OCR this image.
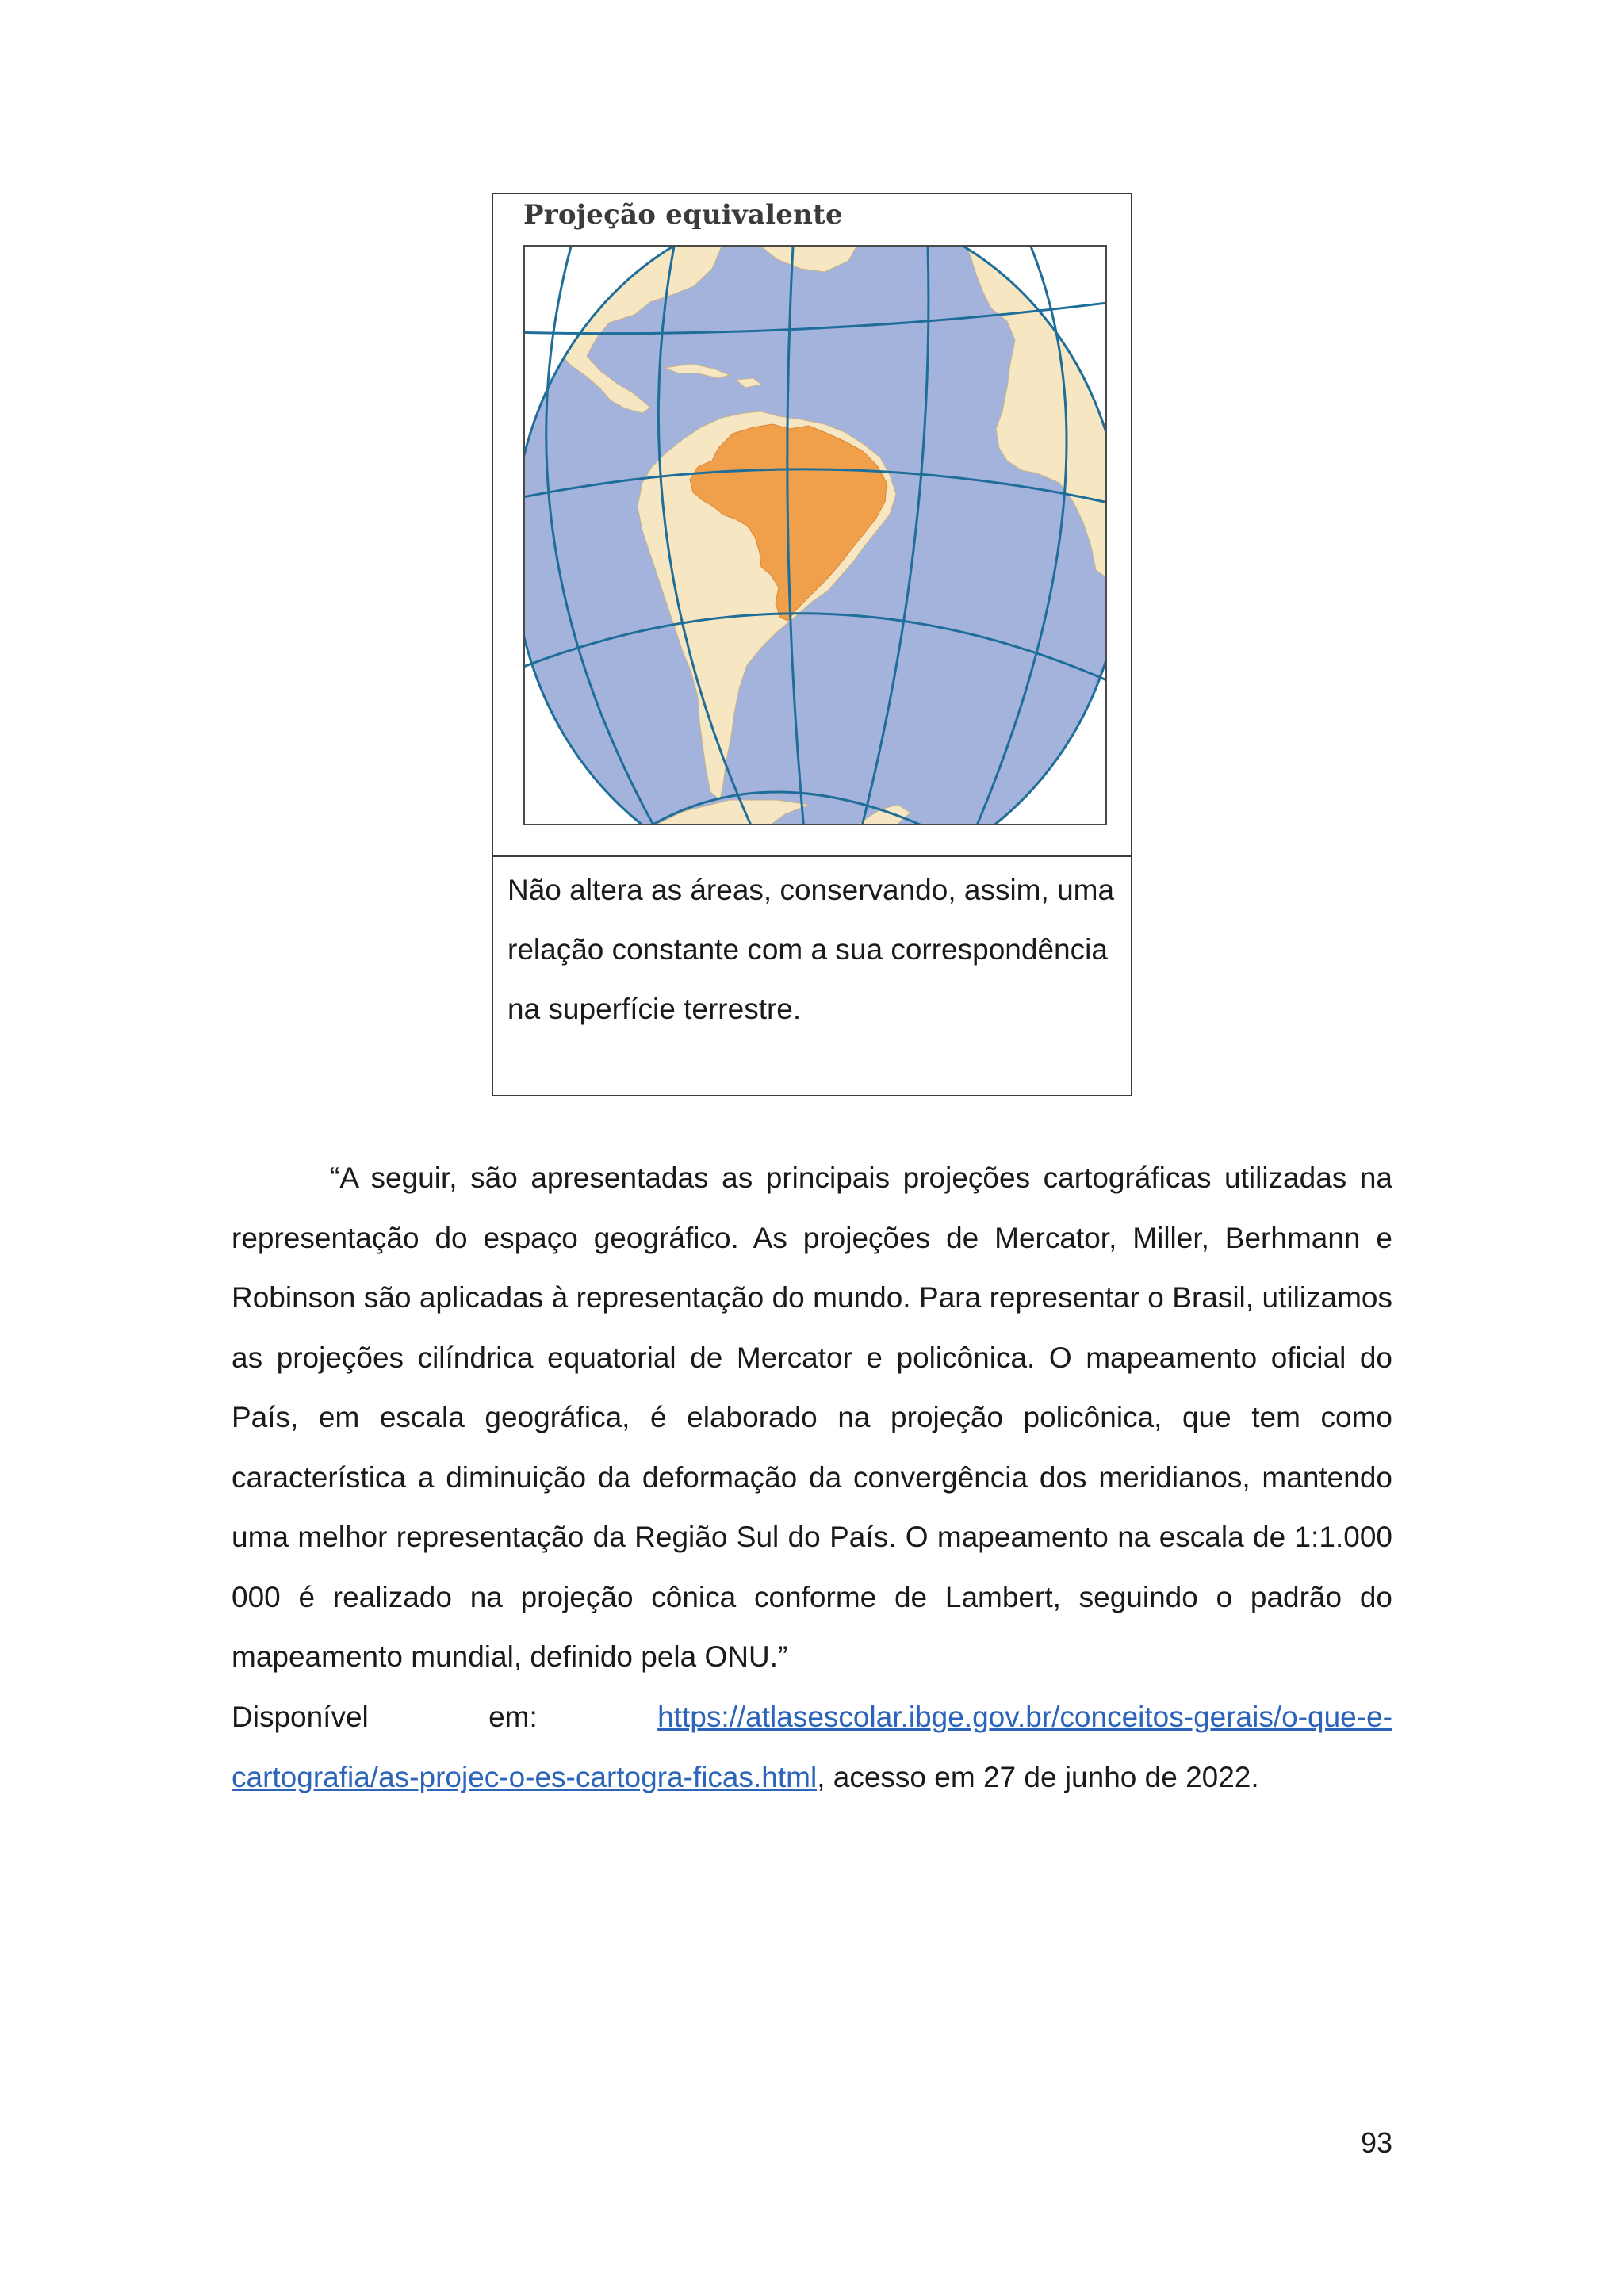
Projeção equivalente
Não altera as áreas, conservando, assim, uma
relação constante com a sua correspondência
na superfície terrestre.

“A seguir, são apresentadas as principais projeções cartográficas utilizadas na representação do espaço geográfico. As projeções de Mercator, Miller, Berhmann e Robinson são aplicadas à representação do mundo. Para representar o Brasil, utilizamos as projeções cilíndrica equatorial de Mercator e policônica. O mapeamento oficial do País, em escala geográfica, é elaborado na projeção policônica, que tem como característica a diminuição da deformação da convergência dos meridianos, mantendo uma melhor representação da Região Sul do País. O mapeamento na escala de 1:1.000 000 é realizado na projeção cônica conforme de Lambert, seguindo o padrão do mapeamento mundial, definido pela ONU.”

Disponível	em:	https://atlasescolar.ibge.gov.br/conceitos-gerais/o-que-e-
cartografia/as-projec-o-es-cartogra-ficas.html, acesso em 27 de junho de 2022.
93
